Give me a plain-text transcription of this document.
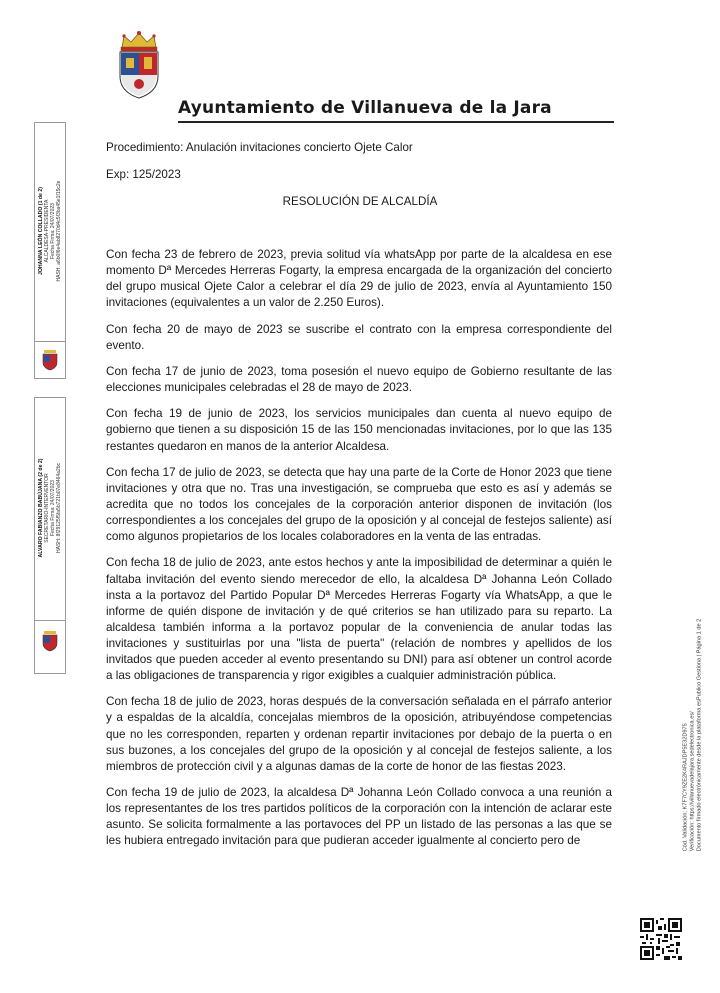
Ayuntamiento de Villanueva de la Jara
Procedimiento: Anulación invitaciones concierto Ojete Calor
Exp: 125/2023
RESOLUCIÓN DE ALCALDÍA

Con fecha 23 de febrero de 2023, previa solitud vía whatsApp por parte de la alcaldesa en ese momento Dª Mercedes Herreras Fogarty, la empresa encargada de la organización del concierto del grupo musical Ojete Calor a celebrar el día 29 de julio de 2023, envía al Ayuntamiento 150 invitaciones (equivalentes a un valor de 2.250 Euros).

Con fecha 20 de mayo de 2023 se suscribe el contrato con la empresa correspondiente del evento.

Con fecha 17 de junio de 2023, toma posesión el nuevo equipo de Gobierno resultante de las elecciones municipales celebradas el 28 de mayo de 2023.

Con fecha 19 de junio de 2023, los servicios municipales dan cuenta al nuevo equipo de gobierno que tienen a su disposición 15 de las 150 mencionadas invitaciones, por lo que las 135 restantes quedaron en manos de la anterior Alcaldesa.

Con fecha 17 de julio de 2023, se detecta que hay una parte de la Corte de Honor 2023 que tiene invitaciones y otra que no. Tras una investigación, se comprueba que esto es así y además se acredita que no todos los concejales de la corporación anterior disponen de invitación (los correspondientes a los concejales del grupo de la oposición y al concejal de festejos saliente) así como algunos propietarios de los locales colaboradores en la venta de las entradas.

Con fecha 18 de julio de 2023, ante estos hechos y ante la imposibilidad de determinar a quién le faltaba invitación del evento siendo merecedor de ello, la alcaldesa Dª Johanna León Collado insta a la portavoz del Partido Popular Dª Mercedes Herreras Fogarty vía WhatsApp, a que le informe de quién dispone de invitación y de qué criterios se han utilizado para su reparto. La alcaldesa también informa a la portavoz popular de la conveniencia de anular todas las invitaciones y sustituirlas por una "lista de puerta" (relación de nombres y apellidos de los invitados que pueden acceder al evento presentando su DNI) para así obtener un control acorde a las obligaciones de transparencia y rigor exigibles a cualquier administración pública.

Con fecha 18 de julio de 2023, horas después de la conversación señalada en el párrafo anterior y a espaldas de la alcaldía, concejalas miembros de la oposición, atribuyéndose competencias que no les corresponden, reparten y ordenan repartir invitaciones por debajo de la puerta o en sus buzones, a los concejales del grupo de la oposición y al concejal de festejos saliente, a los miembros de protección civil y a algunas damas de la corte de honor de las fiestas 2023.

Con fecha 19 de julio de 2023, la alcaldesa Dª Johanna León Collado convoca a una reunión a los representantes de los tres partidos políticos de la corporación con la intención de aclarar este asunto. Se solicita formalmente a las portavoces del PP un listado de las personas a las que se les hubiera entregado invitación para que pudieran acceder igualmente al concierto pero de

JOHANNA LEÓN COLLADO (1 de 2) ALCALDESA-PRESIDENTA Fecha Firma: 24/07/2023 HASH: a6b0f6e4ab8270d4c5f3ba45e1f15c2e
ALVARO FABIANZO BABÚJANA (2 de 2) SECRETARIO-INTERVENTOR Fecha Firma: 24/07/2023 HASH: 8f29125f5fa5b721b07e8464a2bc
Cód. Validación: K7F7CY9ZE2K4RAJDP5E32D975 Verificación: https://villanuevadelajara.sedelectronica.es/ Documento firmado electrónicamente desde la plataforma esPublico Gestiona | Página 1 de 2
